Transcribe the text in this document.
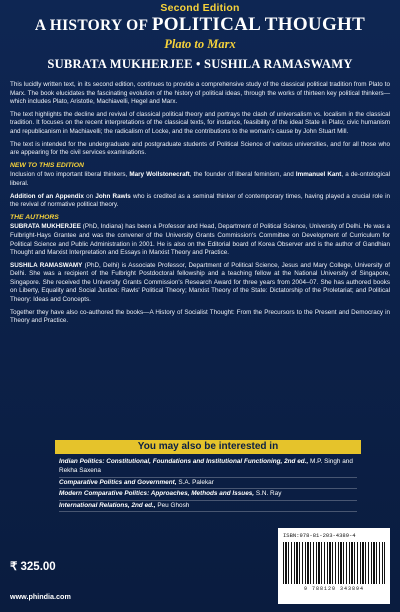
Second Edition
A HISTORY OF POLITICAL THOUGHT
Plato to Marx
SUBRATA MUKHERJEE • SUSHILA RAMASWAMY

This lucidly written text, in its second edition, continues to provide a comprehensive study of the classical political tradition from Plato to Marx. The book elucidates the fascinating evolution of the history of political ideas, through the works of thirteen key political thinkers—which includes Plato, Aristotle, Machiavelli, Hegel and Marx.

The text highlights the decline and revival of classical political theory and portrays the clash of universalism vs. localism in the classical tradition. It focuses on the recent interpretations of the classical texts, for instance, feasibility of the ideal State in Plato; civic humanism and republicanism in Machiavelli; the radicalism of Locke, and the contributions to the woman's cause by John Stuart Mill.

The text is intended for the undergraduate and postgraduate students of Political Science of various universities, and for all those who are appearing for the civil services examinations.

NEW TO THIS EDITION

Inclusion of two important liberal thinkers, Mary Wollstonecraft, the founder of liberal feminism, and Immanuel Kant, a de-ontological liberal.

Addition of an Appendix on John Rawls who is credited as a seminal thinker of contemporary times, having played a crucial role in the revival of normative political theory.

THE AUTHORS

SUBRATA MUKHERJEE (PhD, Indiana) has been a Professor and Head, Department of Political Science, University of Delhi. He was a Fulbright-Hays Grantee and was the convener of the University Grants Commission's Committee on Development of Curriculum for Political Science and Public Administration in 2001. He is also on the Editorial board of Korea Observer and is the author of Gandhian Thought and Marxist Interpretation and Essays in Marxist Theory and Practice.

SUSHILA RAMASWAMY (PhD, Delhi) is Associate Professor, Department of Political Science, Jesus and Mary College, University of Delhi. She was a recipient of the Fulbright Postdoctoral fellowship and a teaching fellow at the National University of Singapore, Singapore. She received the University Grants Commission's Research Award for three years from 2004–07. She has authored books on Liberty, Equality and Social Justice: Rawls' Political Theory; Marxist Theory of the State: Dictatorship of the Proletariat; and Political Theory: Ideas and Concepts.

Together they have also co-authored the books—A History of Socialist Thought: From the Precursors to the Present and Democracy in Theory and Practice.

You may also be interested in
Indian Politics: Constitutional, Foundations and Institutional Functioning, 2nd ed., M.P. Singh and Rekha Saxena
Comparative Politics and Government, S.A. Palekar
Modern Comparative Politics: Approaches, Methods and Issues, S.N. Ray
International Relations, 2nd ed., Peu Ghosh
₹ 325.00
www.phindia.com
ISBN:978-81-203-4389-4
9 788120 343894
